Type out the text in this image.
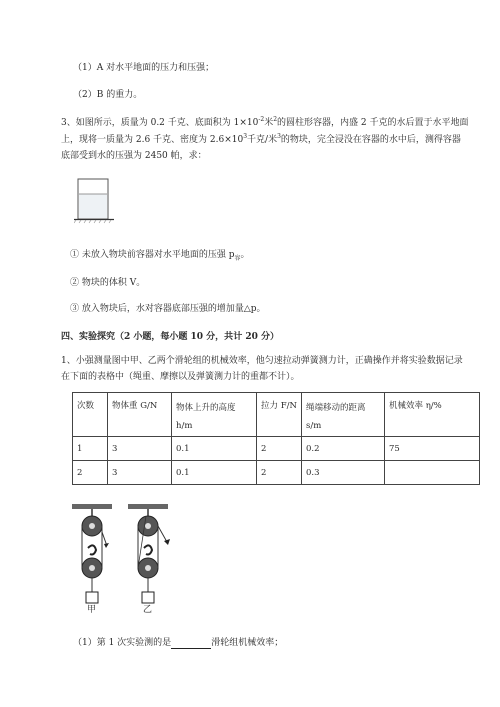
（1）A 对水平地面的压力和压强；
（2）B 的重力。
3、如图所示，质量为 0.2 千克、底面积为 $1\times 10^{-2}$米$^2$的圆柱形容器，内盛 2 千克的水后置于水平地面
上，现将一质量为 2.6 千克、密度为 $2.6\times 10^3$千克/米$^3$的物块，完全浸没在容器的水中后，测得容器
底部受到水的压强为 2450 帕，求：
① 未放入物块前容器对水平地面的压强 $p_容$。
② 物块的体积 V。
③ 放入物块后，水对容器底部压强的增加量△p。
四、实验探究（2 小题，每小题 10 分，共计 20 分）
1、小强测量图中甲、乙两个滑轮组的机械效率，他匀速拉动弹簧测力计，正确操作并将实验数据记录
在下面的表格中（绳重、摩擦以及弹簧测力计的重都不计）。
次数	物体重 G/N	物体上升的高度 h/m	拉力 F/N	绳端移动的距离 s/m	机械效率 η/%
1	3	0.1	2	0.2	75
2	3	0.1	2	0.3	
甲	乙
（1）第 1 次实验测的是	滑轮组机械效率；
